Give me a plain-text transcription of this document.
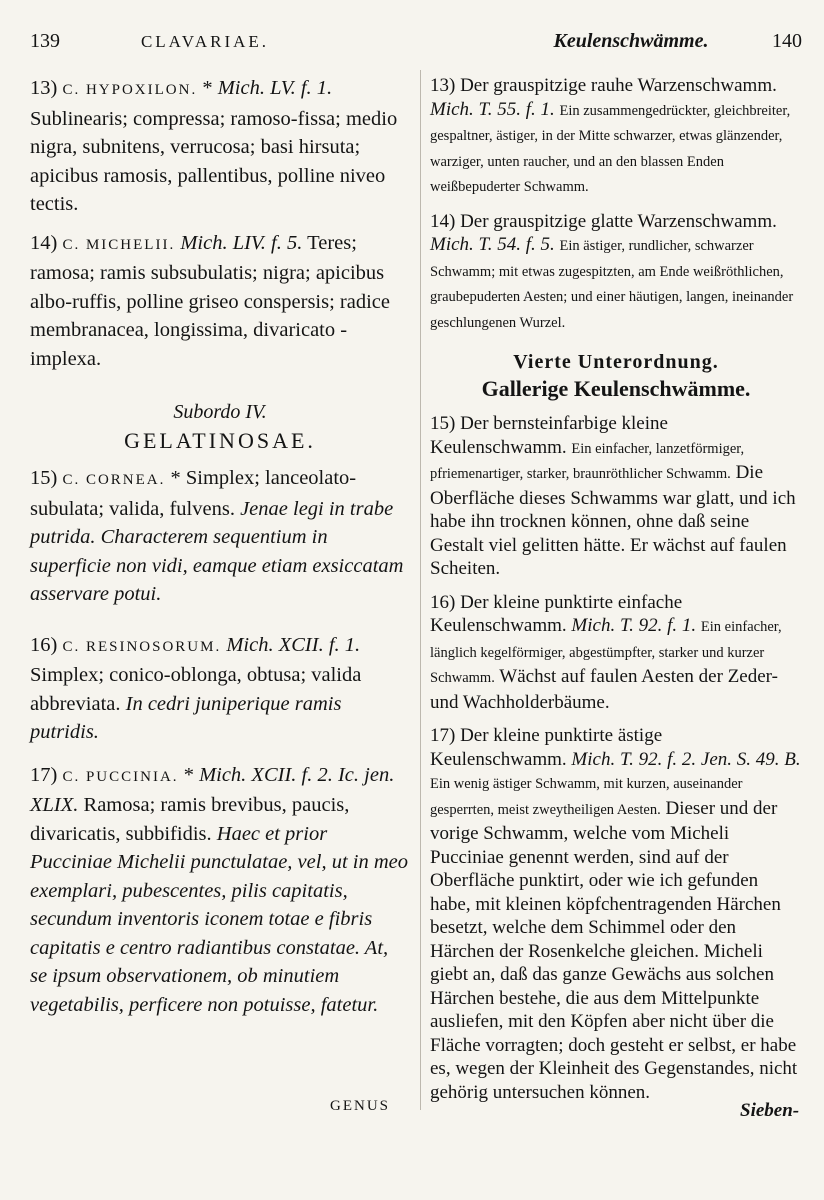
139	CLAVARIAE.

13) C. HYPOXILON. * Mich. LV. f. 1. Sublinearis; compressa; ramoso-fissa; medio nigra, subnitens, verrucosa; basi hirsuta; apicibus ramosis, pallentibus, polline niveo tectis.

14) C. MICHELII. Mich. LIV. f. 5. Teres; ramosa; ramis subsubulatis; nigra; apicibus albo-ruffis, polline griseo conspersis; radice membranacea, longissima, divaricato - implexa.

Subordo IV.
GELATINOSAE.

15) C. CORNEA. * Simplex; lanceolato-subulata; valida, fulvens. Jenae legi in trabe putrida. Characterem sequentium in superficie non vidi, eamque etiam exsiccatam asservare potui.

16) C. RESINOSORUM. Mich. XCII. f. 1. Simplex; conico-oblonga, obtusa; valida abbreviata. In cedri juniperique ramis putridis.

17) C. PUCCINIA. * Mich. XCII. f. 2. Ic. jen. XLIX. Ramosa; ramis brevibus, paucis, divaricatis, subbifidis. Haec et prior Pucciniae Michelii punctulatae, vel, ut in meo exemplari, pubescentes, pilis capitatis, secundum inventoris iconem totae e fibris capitatis e centro radiantibus constatae. At, se ipsum observationem, ob minutiem vegetabilis, perficere non potuisse, fatetur.

Keulenschwämme.	140

13) Der grauspitzige rauhe Warzenschwamm. Mich. T. 55. f. 1. Ein zusammengedrückter, gleichbreiter, gespaltner, ästiger, in der Mitte schwarzer, etwas glänzender, warziger, unten raucher, und an den blassen Enden weißbepuderter Schwamm.

14) Der grauspitzige glatte Warzenschwamm. Mich. T. 54. f. 5. Ein ästiger, rundlicher, schwarzer Schwamm; mit etwas zugespitzten, am Ende weißröthlichen, graubepuderten Aesten; und einer häutigen, langen, ineinander geschlungenen Wurzel.

Vierte Unterordnung.
Gallerige Keulenschwämme.

15) Der bernsteinfarbige kleine Keulenschwamm. Ein einfacher, lanzetförmiger, pfriemenartiger, starker, braunröthlicher Schwamm. Die Oberfläche dieses Schwamms war glatt, und ich habe ihn trocknen können, ohne daß seine Gestalt viel gelitten hätte. Er wächst auf faulen Scheiten.

16) Der kleine punktirte einfache Keulenschwamm. Mich. T. 92. f. 1. Ein einfacher, länglich kegelförmiger, abgestümpfter, starker und kurzer Schwamm. Wächst auf faulen Aesten der Zeder- und Wachholderbäume.

17) Der kleine punktirte ästige Keulenschwamm. Mich. T. 92. f. 2. Jen. S. 49. B. Ein wenig ästiger Schwamm, mit kurzen, auseinander gesperrten, meist zweytheiligen Aesten. Dieser und der vorige Schwamm, welche vom Micheli Pucciniae genennt werden, sind auf der Oberfläche punktirt, oder wie ich gefunden habe, mit kleinen köpfchentragenden Härchen besetzt, welche dem Schimmel oder den Härchen der Rosenkelche gleichen. Micheli giebt an, daß das ganze Gewächs aus solchen Härchen bestehe, die aus dem Mittelpunkte ausliefen, mit den Köpfen aber nicht über die Fläche vorragten; doch gesteht er selbst, er habe es, wegen der Kleinheit des Gegenstandes, nicht gehörig untersuchen können.

GENUS	Sieben-
